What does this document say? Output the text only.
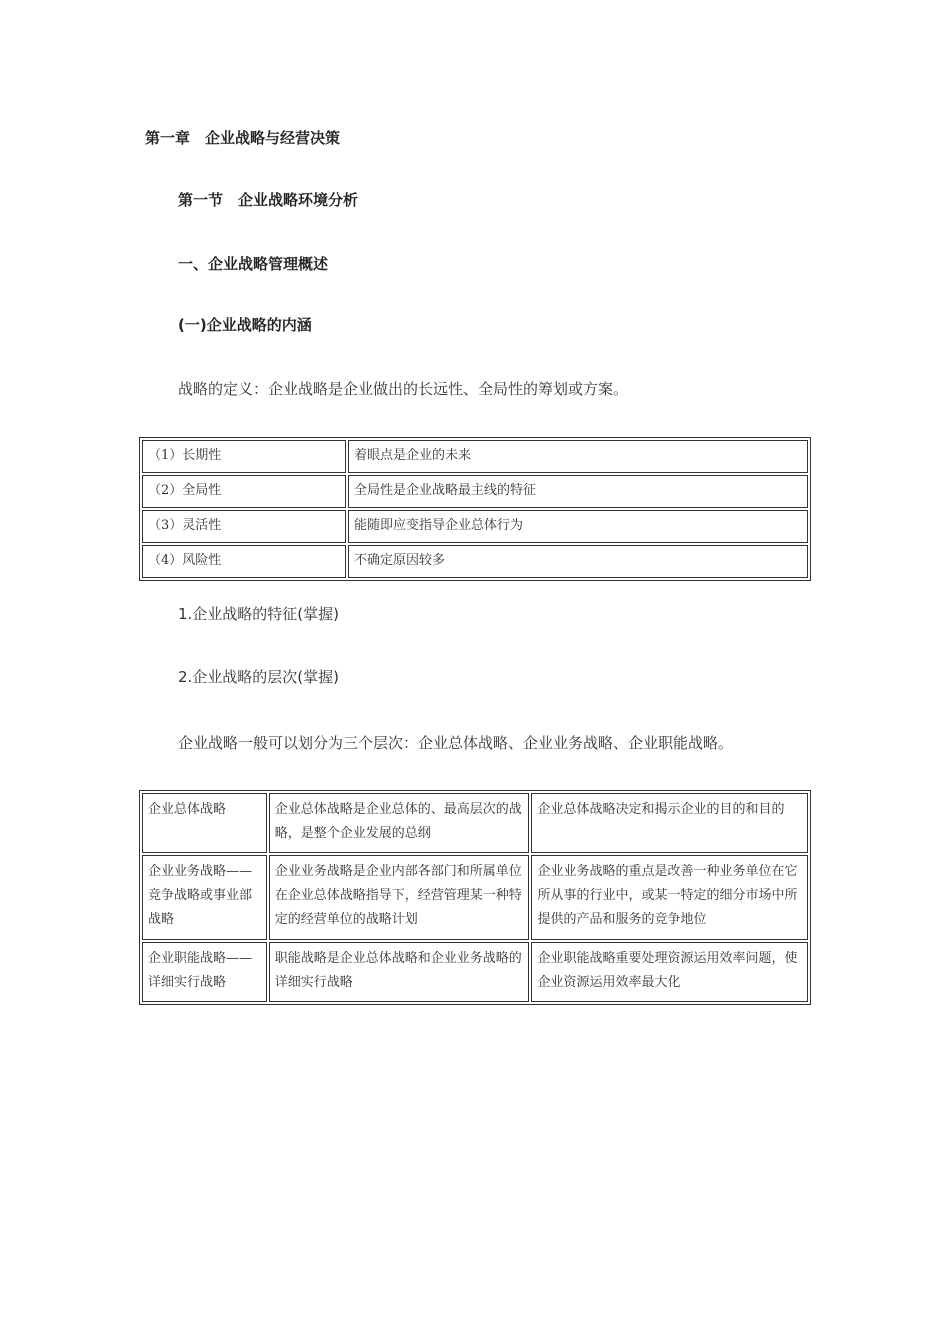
第一章　企业战略与经营决策
第一节　企业战略环境分析
一、企业战略管理概述
(一)企业战略的内涵
战略的定义：企业战略是企业做出的长远性、全局性的筹划或方案。
（1）长期性	着眼点是企业的未来
（2）全局性	全局性是企业战略最主线的特征
（3）灵活性	能随即应变指导企业总体行为
（4）风险性	不确定原因较多
1.企业战略的特征(掌握)
2.企业战略的层次(掌握)
企业战略一般可以划分为三个层次：企业总体战略、企业业务战略、企业职能战略。
企业总体战略	企业总体战略是企业总体的、最高层次的战略，是整个企业发展的总纲	企业总体战略决定和揭示企业的目的和目的
企业业务战略——竞争战略或事业部战略	企业业务战略是企业内部各部门和所属单位在企业总体战略指导下，经营管理某一种特定的经营单位的战略计划	企业业务战略的重点是改善一种业务单位在它所从事的行业中，或某一特定的细分市场中所提供的产品和服务的竞争地位
企业职能战略——详细实行战略	职能战略是企业总体战略和企业业务战略的详细实行战略	企业职能战略重要处理资源运用效率问题，使企业资源运用效率最大化
